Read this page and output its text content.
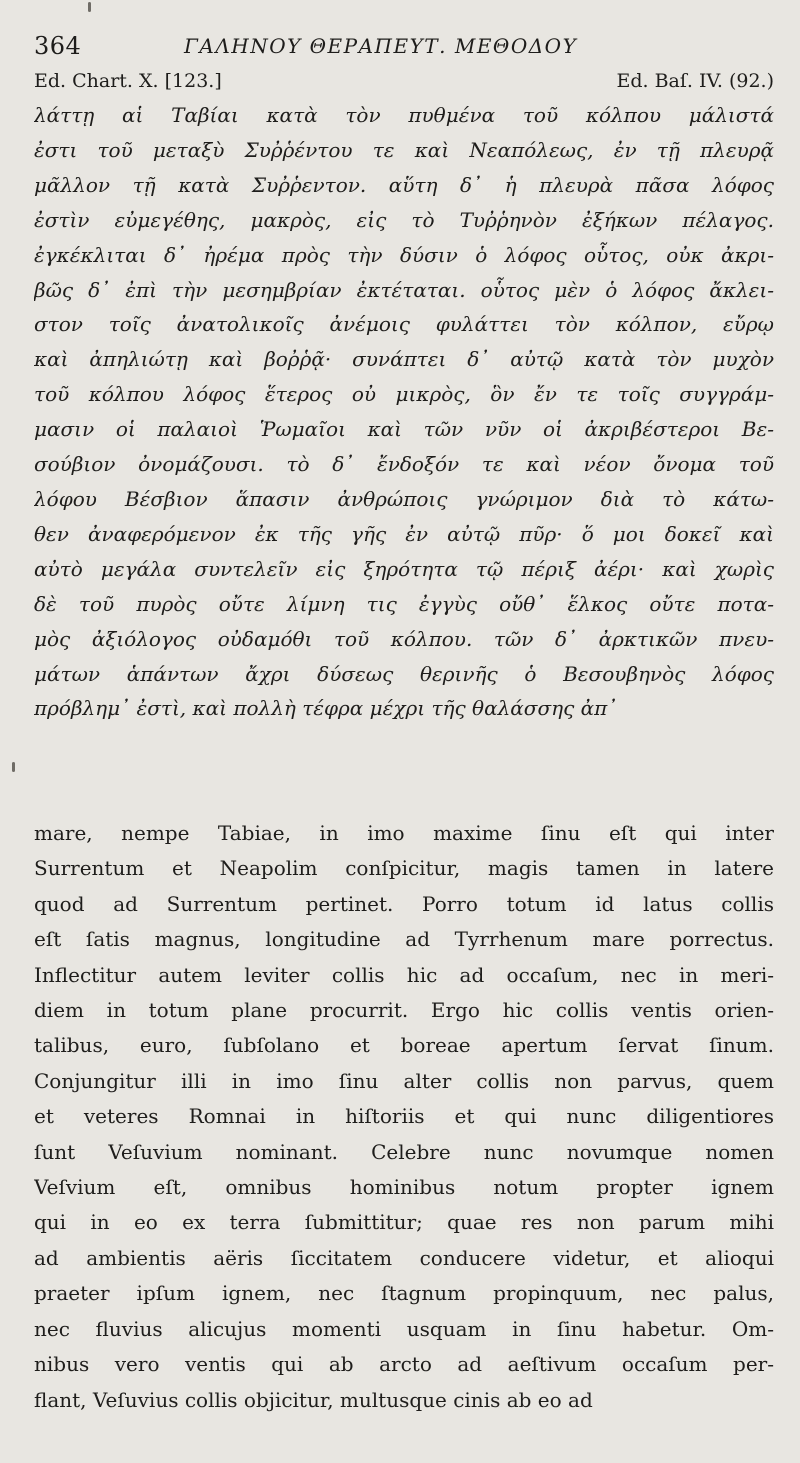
364	ΓΑΛΗΝΟΥ ΘΕΡΑΠΕΥΤ. ΜΕΘΟΔΟΥ
Ed. Chart. X. [123.]	Ed. Baſ. IV. (92.)
λάττῃ αἱ Ταβίαι κατὰ τὸν πυθμένα τοῦ κόλπου μάλιστά
ἐστι τοῦ μεταξὺ Συῤῥέντου τε καὶ Νεαπόλεως, ἐν τῇ πλευρᾷ
μᾶλλον τῇ κατὰ Συῤῥεντον. αὕτη δ᾽ ἡ πλευρὰ πᾶσα λόφος
ἐστὶν εὐμεγέθης, μακρὸς, εἰς τὸ Τυῤῥηνὸν ἐξήκων πέλαγος.
ἐγκέκλιται δ᾽ ἠρέμα πρὸς τὴν δύσιν ὁ λόφος οὗτος, οὐκ ἀκρι-
βῶς δ᾽ ἐπὶ τὴν μεσημβρίαν ἐκτέταται. οὗτος μὲν ὁ λόφος ἄκλει-
στον τοῖς ἀνατολικοῖς ἀνέμοις φυλάττει τὸν κόλπον, εὔρῳ
καὶ ἀπηλιώτῃ καὶ βοῤῥᾷ· συνάπτει δ᾽ αὐτῷ κατὰ τὸν μυχὸν
τοῦ κόλπου λόφος ἕτερος οὐ μικρὸς, ὃν ἔν τε τοῖς συγγράμ-
μασιν οἱ παλαιοὶ Ῥωμαῖοι καὶ τῶν νῦν οἱ ἀκριβέστεροι Βε-
σούβιον ὀνομάζουσι. τὸ δ᾽ ἔνδοξόν τε καὶ νέον ὄνομα τοῦ
λόφου Βέσβιον ἅπασιν ἀνθρώποις γνώριμον διὰ τὸ κάτω-
θεν ἀναφερόμενον ἐκ τῆς γῆς ἐν αὐτῷ πῦρ· ὅ μοι δοκεῖ καὶ
αὐτὸ μεγάλα συντελεῖν εἰς ξηρότητα τῷ πέριξ ἀέρι· καὶ χωρὶς
δὲ τοῦ πυρὸς οὔτε λίμνη τις ἐγγὺς οὔθ᾽ ἕλκος οὔτε ποτα-
μὸς ἀξιόλογος οὐδαμόθι τοῦ κόλπου. τῶν δ᾽ ἀρκτικῶν πνευ-
μάτων ἁπάντων ἄχρι δύσεως θερινῆς ὁ Βεσουβηνὸς λόφος
πρόβλημ᾽ ἐστὶ, καὶ πολλὴ τέφρα μέχρι τῆς θαλάσσης ἀπ᾽
mare, nempe Tabiae, in imo maxime ſinu eſt qui inter
Surrentum et Neapolim conſpicitur, magis tamen in latere
quod ad Surrentum pertinet. Porro totum id latus collis
eſt ſatis magnus, longitudine ad Tyrrhenum mare porrectus.
Inflectitur autem leviter collis hic ad occaſum, nec in meri-
diem in totum plane procurrit. Ergo hic collis ventis orien-
talibus, euro, ſubſolano et boreae apertum ſervat ſinum.
Conjungitur illi in imo ſinu alter collis non parvus, quem
et veteres Romnai in hiſtoriis et qui nunc diligentiores
ſunt Veſuvium nominant. Celebre nunc novumque nomen
Veſvium eſt, omnibus hominibus notum propter ignem
qui in eo ex terra ſubmittitur; quae res non parum mihi
ad ambientis aëris ſiccitatem conducere videtur, et alioqui
praeter ipſum ignem, nec ſtagnum propinquum, nec palus,
nec fluvius alicujus momenti usquam in ſinu habetur. Om-
nibus vero ventis qui ab arcto ad aeſtivum occaſum per-
flant, Veſuvius collis objicitur, multusque cinis ab eo ad
